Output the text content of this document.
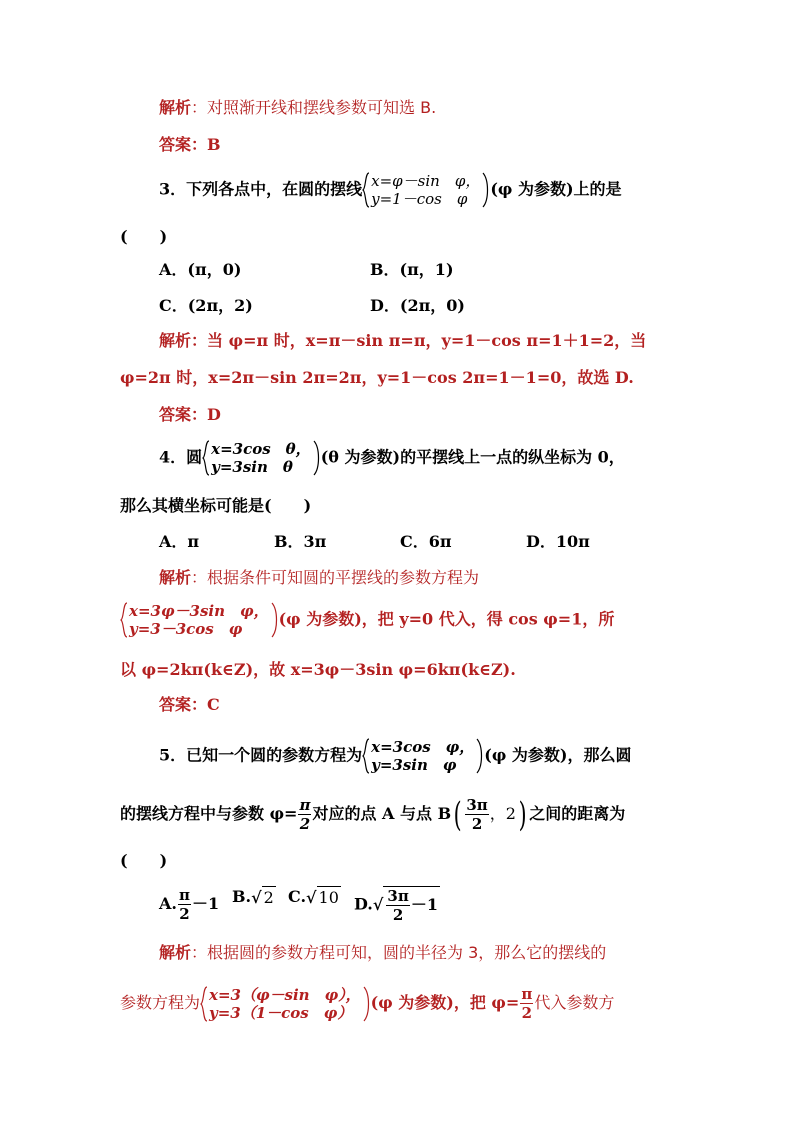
解析：对照渐开线和摆线参数可知选 B.
答案：B
3．下列各点中，在圆的摆线 x=φ－sin　φ，
y=1－cos　φ
(φ 为参数)上的是
(　　)
A．(π，0)	B．(π，1)
C．(2π，2)	D．(2π，0)
解析：当 φ=π 时，x=π－sin π=π，y=1－cos π=1＋1=2，当
φ=2π 时，x=2π－sin 2π=2π，y=1－cos 2π=1－1=0，故选 D.
答案：D
4．圆 x=3cos　θ，
y=3sin　θ
(θ 为参数)的平摆线上一点的纵坐标为 0，
那么其横坐标可能是(　　)
A．π	B．3π	C．6π	D．10π
解析：根据条件可知圆的平摆线的参数方程为
x=3φ－3sin　φ，
y=3－3cos　φ
(φ 为参数)，把 y=0 代入，得 cos φ=1，所
以 φ=2kπ(k∈Z)，故 x=3φ－3sin φ=6kπ(k∈Z).
答案：C
5．已知一个圆的参数方程为 x=3cos　φ，
y=3sin　φ
(φ 为参数)，那么圆
的摆线方程中与参数 $\varphi= \frac{\pi}{2}$ 对应的点 A 与点 $B( \frac{3\pi}{2}$ ，2) 之间的距离为
(　　)
A. $\frac{\pi}{2} -1$ B.√ 2 C.√ 10 $D.√ \frac{3\pi}{2} -1$
解析：根据圆的参数方程可知，圆的半径为 3，那么它的摆线的
参数方程为 x=3（φ－sin　φ），
y=3（1－cos　φ）
(φ 为参数)，把 $\varphi= \frac{\pi}{2}$ 代入参数方
